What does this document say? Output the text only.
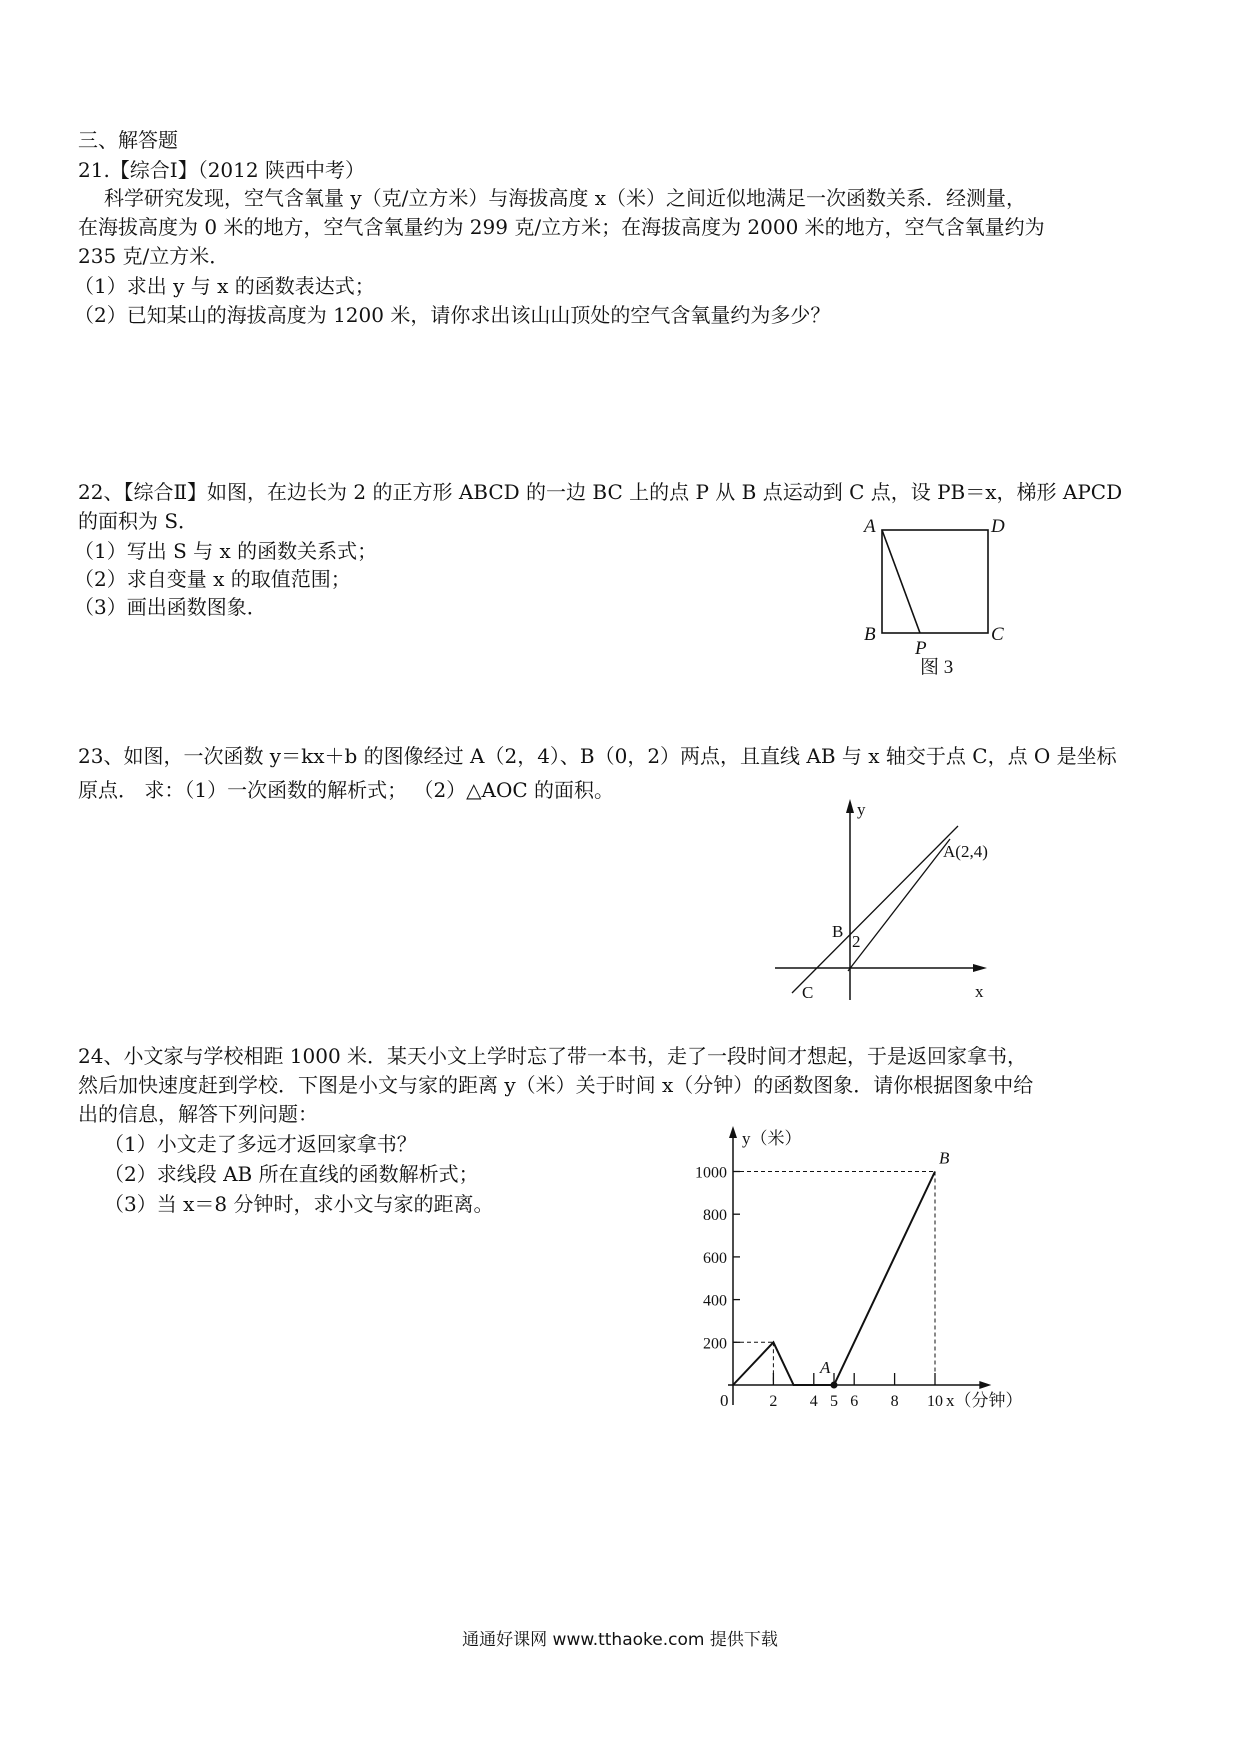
三、解答题
21.【综合Ⅰ】（2012 陕西中考）
科学研究发现，空气含氧量 y（克/立方米）与海拔高度 x（米）之间近似地满足一次函数关系．经测量，在海拔高度为 0 米的地方，空气含氧量约为 299 克/立方米；在海拔高度为 2000 米的地方，空气含氧量约为 235 克/立方米．
（1）求出 y 与 x 的函数表达式；
（2）已知某山的海拔高度为 1200 米，请你求出该山山顶处的空气含氧量约为多少？
22、【综合Ⅱ】如图，在边长为 2 的正方形 ABCD 的一边 BC 上的点 P 从 B 点运动到 C 点，设 PB＝x，梯形 APCD
的面积为 S．
（1）写出 S 与 x 的函数关系式；
（2）求自变量 x 的取值范围；
（3）画出函数图象．
A	D
B	C
P
图 3
23、如图，一次函数 y＝kx＋b 的图像经过 A（2，4）、B（0，2）两点，且直线 AB 与 x 轴交于点 C，点 O 是坐标
原点． 求：（1）一次函数的解析式； （2）△AOC 的面积。
y
x
A(2,4)
B
2
C
24、小文家与学校相距 1000 米．某天小文上学时忘了带一本书，走了一段时间才想起，于是返回家拿书，然后加快速度赶到学校．下图是小文与家的距离 y（米）关于时间 x（分钟）的函数图象．请你根据图象中给出的信息，解答下列问题：
（1）小文走了多远才返回家拿书？
（2）求线段 AB 所在直线的函数解析式；
（3）当 x＝8 分钟时，求小文与家的距离。
200
400
600
800
1000
2 4 5 6 8 10
A
B
y（米）
x（分钟）
0
通通好课网 www.tthaoke.com 提供下载
